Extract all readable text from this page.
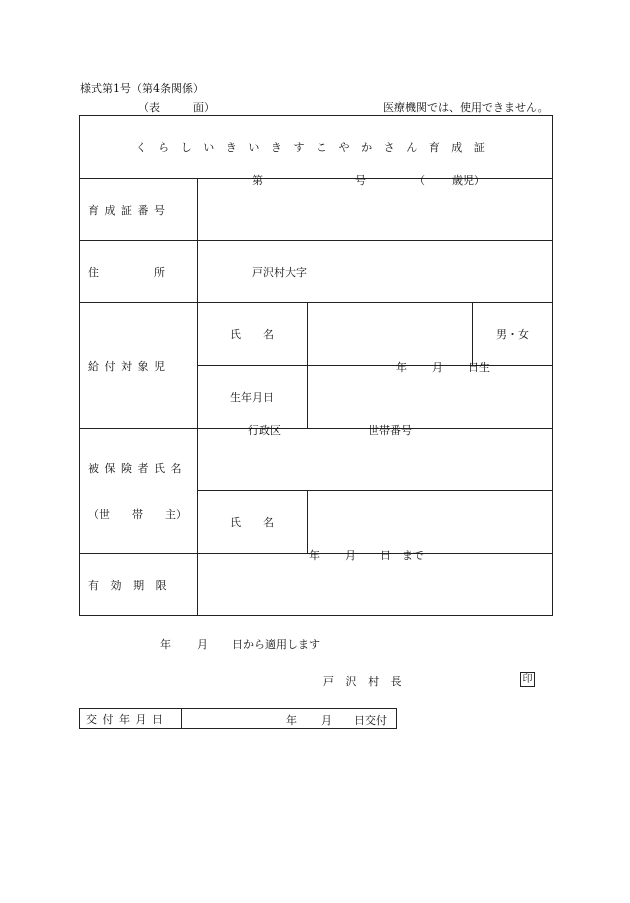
様式第1号（第4条関係）
（表　　　面）	医療機関では、使用できません。
くらしいきいきすこやかさん育成証			
育成証番号	第 号 （ 歳児）		

住　　　　　所	戸沢村大字		
給付対象児	氏　　名		男・女
	生年月日	年 月 日生	

被保険者氏名
（世　　帯　　主）	行政区 世帯番号		

	氏　　名		
有効期限	年 月 日 まで		
年 月 日から適用します
戸沢村長	印
交付年月日	年 月 日交付
